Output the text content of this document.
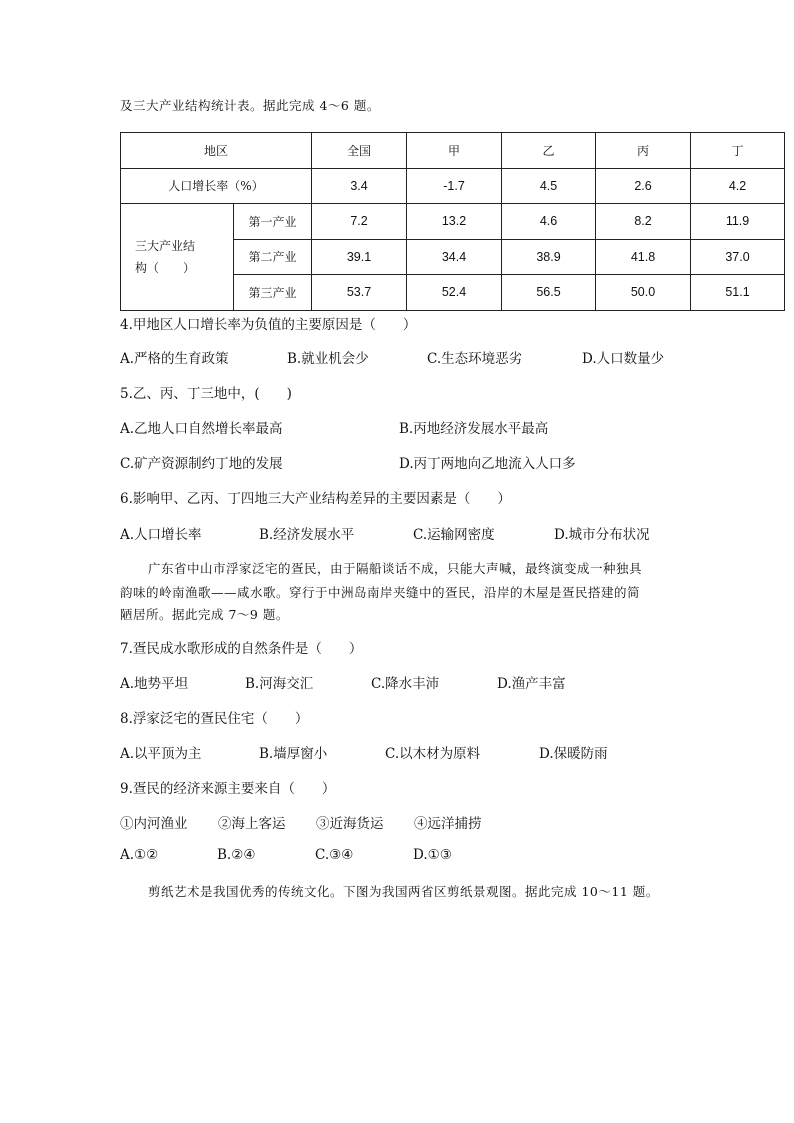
及三大产业结构统计表。据此完成 4～6 题。
地区		全国	甲	乙	丙	丁
人口增长率（%）		3.4	-1.7	4.5	2.6	4.2
三大产业结
构（　　）	第一产业	7.2	13.2	4.6	8.2	11.9
	第二产业	39.1	34.4	38.9	41.8	37.0
	第三产业	53.7	52.4	56.5	50.0	51.1
4.甲地区人口增长率为负值的主要原因是（　　）
A.严格的生育政策	B.就业机会少	C.生态环境恶劣	D.人口数量少
5.乙、丙、丁三地中，(　　)
A.乙地人口自然增长率最高	B.丙地经济发展水平最高
C.矿产资源制约丁地的发展	D.丙丁两地向乙地流入人口多
6.影响甲、乙丙、丁四地三大产业结构差异的主要因素是（　　）
A.人口增长率	B.经济发展水平	C.运输网密度	D.城市分布状况
广东省中山市浮家泛宅的疍民，由于隔船谈话不成，只能大声喊，最终演变成一种独具
韵味的岭南渔歌——咸水歌。穿行于中洲岛南岸夹缝中的疍民，沿岸的木屋是疍民搭建的简
陋居所。据此完成 7～9 题。
7.疍民成水歌形成的自然条件是（　　）
A.地势平坦	B.河海交汇	C.降水丰沛	D.渔产丰富
8.浮家泛宅的疍民住宅（　　）
A.以平顶为主	B.墙厚窗小	C.以木材为原料	D.保暖防雨
9.疍民的经济来源主要来自（　　）
①内河渔业 ②海上客运 ③近海货运 ④远洋捕捞
A.①②	B.②④	C.③④	D.①③
剪纸艺术是我国优秀的传统文化。下图为我国两省区剪纸景观图。据此完成 10～11 题。
